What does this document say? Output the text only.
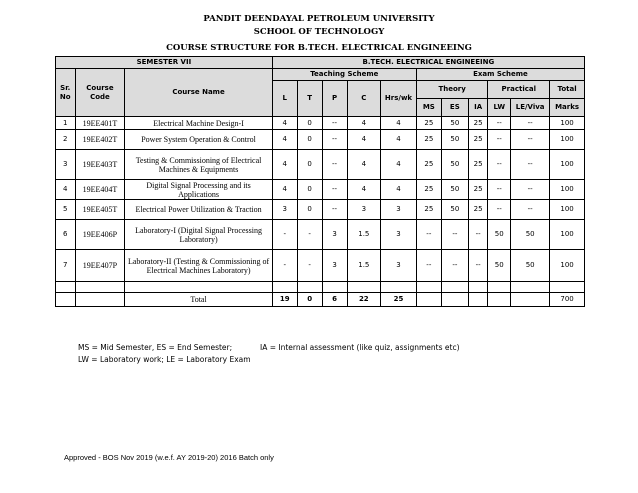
PANDIT DEENDAYAL PETROLEUM UNIVERSITY
SCHOOL OF TECHNOLOGY
COURSE STRUCTURE FOR B.TECH. ELECTRICAL ENGINEEING
SEMESTER VII			B.TECH. ELECTRICAL ENGINEEING										
Sr. No	Course Code	Course Name	Teaching Scheme					Exam Scheme					
			L	T	P	C	Hrs/wk	Theory			Practical		Total
								MS	ES	IA	LW	LE/Viva	Marks
1	19EE401T	Electrical Machine Design-I	4	0	--	4	4	25	50	25	--	--	100
2	19EE402T	Power System Operation & Control	4	0	--	4	4	25	50	25	--	--	100
3	19EE403T	Testing & Commissioning of Electrical Machines & Equipments	4	0	--	4	4	25	50	25	--	--	100
4	19EE404T	Digital Signal Processing and its Applications	4	0	--	4	4	25	50	25	--	--	100
5	19EE405T	Electrical Power Utilization & Traction	3	0	--	3	3	25	50	25	--	--	100
6	19EE406P	Laboratory-I (Digital Signal Processing Laboratory)	-	-	3	1.5	3	--	--	--	50	50	100
7	19EE407P	Laboratory-II (Testing & Commissioning of Electrical Machines Laboratory)	-	-	3	1.5	3	--	--	--	50	50	100

		Total	19	0	6	22	25						700
MS = Mid Semester, ES = End Semester;	IA = Internal assessment (like quiz, assignments etc)
LW = Laboratory work; LE = Laboratory Exam
Approved - BOS Nov 2019 (w.e.f. AY 2019-20) 2016 Batch only
